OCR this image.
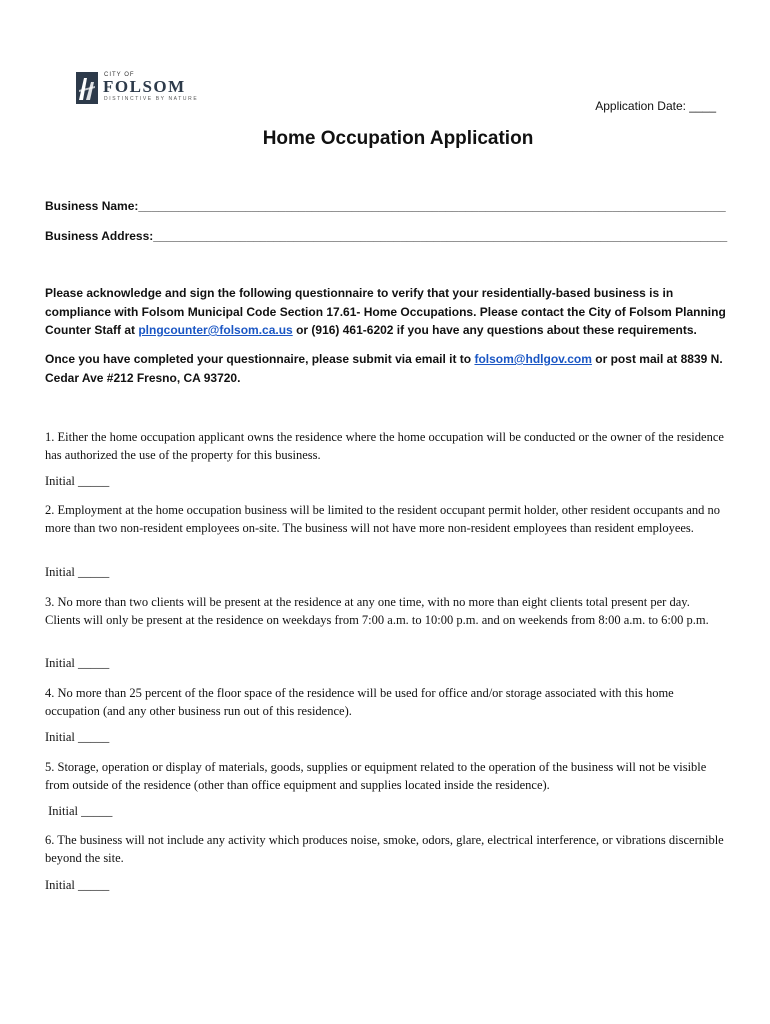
CITY OF
FOLSOM
DISTINCTIVE BY NATURE	Application Date: ____
Home Occupation Application
Business Name:________________________________________________________________________________________
Business Address:______________________________________________________________________________________
Please acknowledge and sign the following questionnaire to verify that your residentially-based business is in compliance with Folsom Municipal Code Section 17.61- Home Occupations. Please contact the City of Folsom Planning Counter Staff at plngcounter@folsom.ca.us or (916) 461-6202 if you have any questions about these requirements.
Once you have completed your questionnaire, please submit via email it to folsom@hdlgov.com or post mail at 8839 N. Cedar Ave #212 Fresno, CA 93720.
1. Either the home occupation applicant owns the residence where the home occupation will be conducted or the owner of the residence has authorized the use of the property for this business.
Initial _____
2. Employment at the home occupation business will be limited to the resident occupant permit holder, other resident occupants and no more than two non-resident employees on-site. The business will not have more non-resident employees than resident employees.
Initial _____
3. No more than two clients will be present at the residence at any one time, with no more than eight clients total present per day. Clients will only be present at the residence on weekdays from 7:00 a.m. to 10:00 p.m. and on weekends from 8:00 a.m. to 6:00 p.m.
Initial _____
4. No more than 25 percent of the floor space of the residence will be used for office and/or storage associated with this home occupation (and any other business run out of this residence).
Initial _____
5. Storage, operation or display of materials, goods, supplies or equipment related to the operation of the business will not be visible from outside of the residence (other than office equipment and supplies located inside the residence).
Initial _____
6. The business will not include any activity which produces noise, smoke, odors, glare, electrical interference, or vibrations discernible beyond the site.
Initial _____
